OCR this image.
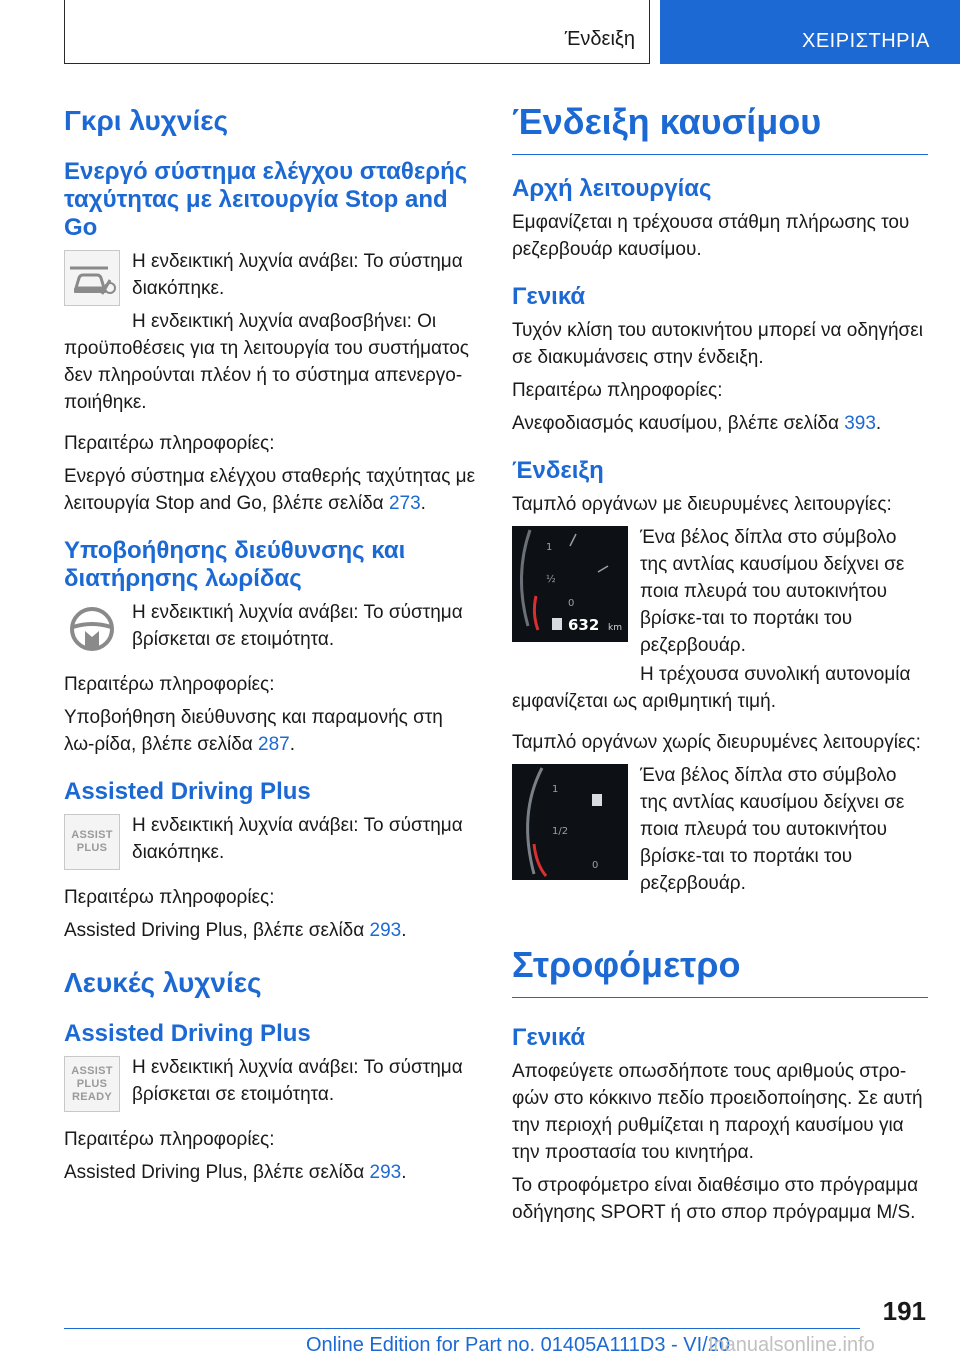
Ένδειξη	ΧΕΙΡΙΣΤΗΡΙΑ
Γκρι λυχνίες
Ενεργό σύστημα ελέγχου σταθερής ταχύτητας με λειτουργία Stop and Go

Η ενδεικτική λυχνία ανάβει: Το σύστημα διακόπηκε.

Η ενδεικτική λυχνία αναβοσβήνει: Οι προϋποθέσεις για τη λειτουργία του συστήματος δεν πληρούνται πλέον ή το σύστημα απενεργο-ποιήθηκε.

Περαιτέρω πληροφορίες:

Ενεργό σύστημα ελέγχου σταθερής ταχύτητας με λειτουργία Stop and Go, βλέπε σελίδα 273.

Υποβοήθησης διεύθυνσης και διατήρησης λωρίδας

Η ενδεικτική λυχνία ανάβει: Το σύστημα βρίσκεται σε ετοιμότητα.

Περαιτέρω πληροφορίες:

Υποβοήθηση διεύθυνσης και παραμονής στη λω-ρίδα, βλέπε σελίδα 287.

Assisted Driving Plus
ASSIST
PLUS

Η ενδεικτική λυχνία ανάβει: Το σύστημα διακόπηκε.

Περαιτέρω πληροφορίες:

Assisted Driving Plus, βλέπε σελίδα 293.

Λευκές λυχνίες
Assisted Driving Plus
ASSIST
PLUS
READY

Η ενδεικτική λυχνία ανάβει: Το σύστημα βρίσκεται σε ετοιμότητα.

Περαιτέρω πληροφορίες:

Assisted Driving Plus, βλέπε σελίδα 293.

Ένδειξη καυσίμου
Αρχή λειτουργίας

Εμφανίζεται η τρέχουσα στάθμη πλήρωσης του ρεζερβουάρ καυσίμου.

Γενικά

Τυχόν κλίση του αυτοκινήτου μπορεί να οδηγήσει σε διακυμάνσεις στην ένδειξη.

Περαιτέρω πληροφορίες:

Ανεφοδιασμός καυσίμου, βλέπε σελίδα 393.

Ένδειξη

Ταμπλό οργάνων με διευρυμένες λειτουργίες:

1
½
0
632 km

Ένα βέλος δίπλα στο σύμβολο της αντλίας καυσίμου δείχνει σε ποια πλευρά του αυτοκινήτου βρίσκε-ται το πορτάκι του ρεζερβουάρ.

Η τρέχουσα συνολική αυτονομία εμφανίζεται ως αριθμητική τιμή.

Ταμπλό οργάνων χωρίς διευρυμένες λειτουργίες:

1
1/2
0

Ένα βέλος δίπλα στο σύμβολο της αντλίας καυσίμου δείχνει σε ποια πλευρά του αυτοκινήτου βρίσκε-ται το πορτάκι του ρεζερβουάρ.

Στροφόμετρο
Γενικά

Αποφεύγετε οπωσδήποτε τους αριθμούς στρο-φών στο κόκκινο πεδίο προειδοποίησης. Σε αυτή την περιοχή ρυθμίζεται η παροχή καυσίμου για την προστασία του κινητήρα.

Το στροφόμετρο είναι διαθέσιμο στο πρόγραμμα οδήγησης SPORT ή στο σπορ πρόγραμμα M/S.

191
Online Edition for Part no. 01405A111D3 - VI/20
Inanualsonline.info
